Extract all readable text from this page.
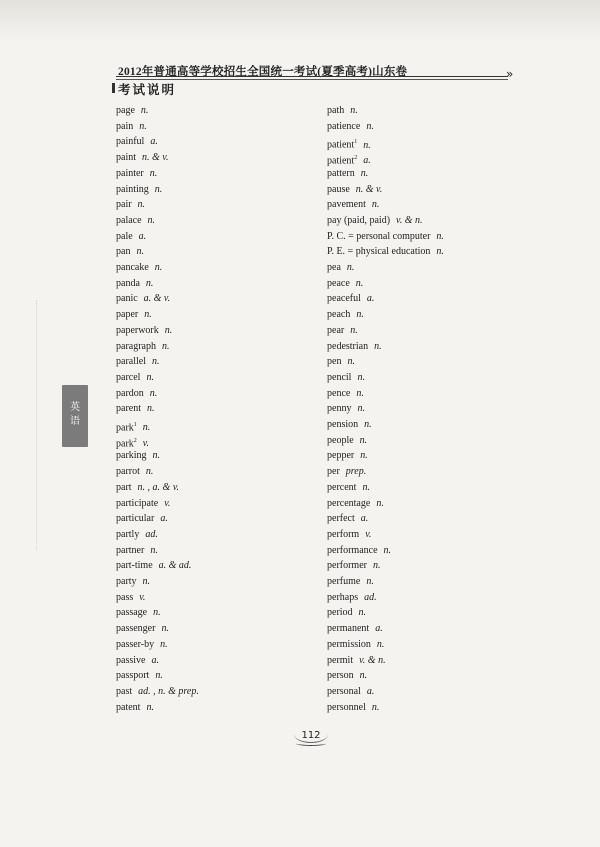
2012年普通高等学校招生全国统一考试(夏季高考)山东卷	»
考试说明
page n.
pain n.
painful a.
paint n. & v.
painter n.
painting n.
pair n.
palace n.
pale a.
pan n.
pancake n.
panda n.
panic a. & v.
paper n.
paperwork n.
paragraph n.
parallel n.
parcel n.
pardon n.
parent n.
park$^1$ n.
park$^2$ v.
parking n.
parrot n.
part n. , a. & v.
participate v.
particular a.
partly ad.
partner n.
part-time a. & ad.
party n.
pass v.
passage n.
passenger n.
passer-by n.
passive a.
passport n.
past ad. , n. & prep.
patent n.
path n.
patience n.
patient$^1$ n.
patient$^2$ a.
pattern n.
pause n. & v.
pavement n.
pay (paid, paid) v. & n.
P. C. = personal computer n.
P. E. = physical education n.
pea n.
peace n.
peaceful a.
peach n.
pear n.
pedestrian n.
pen n.
pencil n.
pence n.
penny n.
pension n.
people n.
pepper n.
per prep.
percent n.
percentage n.
perfect a.
perform v.
performance n.
performer n.
perfume n.
perhaps ad.
period n.
permanent a.
permission n.
permit v. & n.
person n.
personal a.
personnel n.
英
语
112
